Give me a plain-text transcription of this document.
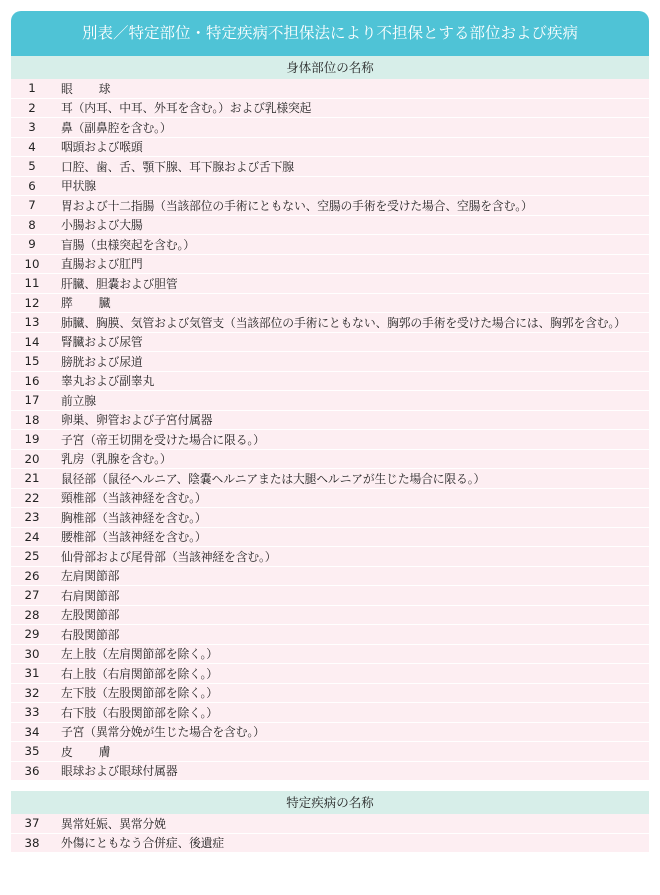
別表／特定部位・特定疾病不担保法により不担保とする部位および疾病
身体部位の名称
1	眼球
2	耳（内耳、中耳、外耳を含む。）および乳様突起
3	鼻（副鼻腔を含む。）
4	咽頭および喉頭
5	口腔、歯、舌、顎下腺、耳下腺および舌下腺
6	甲状腺
7	胃および十二指腸（当該部位の手術にともない、空腸の手術を受けた場合、空腸を含む。）
8	小腸および大腸
9	盲腸（虫様突起を含む。）
10	直腸および肛門
11	肝臓、胆嚢および胆管
12	膵臓
13	肺臓、胸膜、気管および気管支（当該部位の手術にともない、胸郭の手術を受けた場合には、胸郭を含む。）
14	腎臓および尿管
15	膀胱および尿道
16	睾丸および副睾丸
17	前立腺
18	卵巣、卵管および子宮付属器
19	子宮（帝王切開を受けた場合に限る。）
20	乳房（乳腺を含む。）
21	鼠径部（鼠径ヘルニア、陰嚢ヘルニアまたは大腿ヘルニアが生じた場合に限る。）
22	頸椎部（当該神経を含む。）
23	胸椎部（当該神経を含む。）
24	腰椎部（当該神経を含む。）
25	仙骨部および尾骨部（当該神経を含む。）
26	左肩関節部
27	右肩関節部
28	左股関節部
29	右股関節部
30	左上肢（左肩関節部を除く。）
31	右上肢（右肩関節部を除く。）
32	左下肢（左股関節部を除く。）
33	右下肢（右股関節部を除く。）
34	子宮（異常分娩が生じた場合を含む。）
35	皮膚
36	眼球および眼球付属器
特定疾病の名称
37	異常妊娠、異常分娩
38	外傷にともなう合併症、後遺症
